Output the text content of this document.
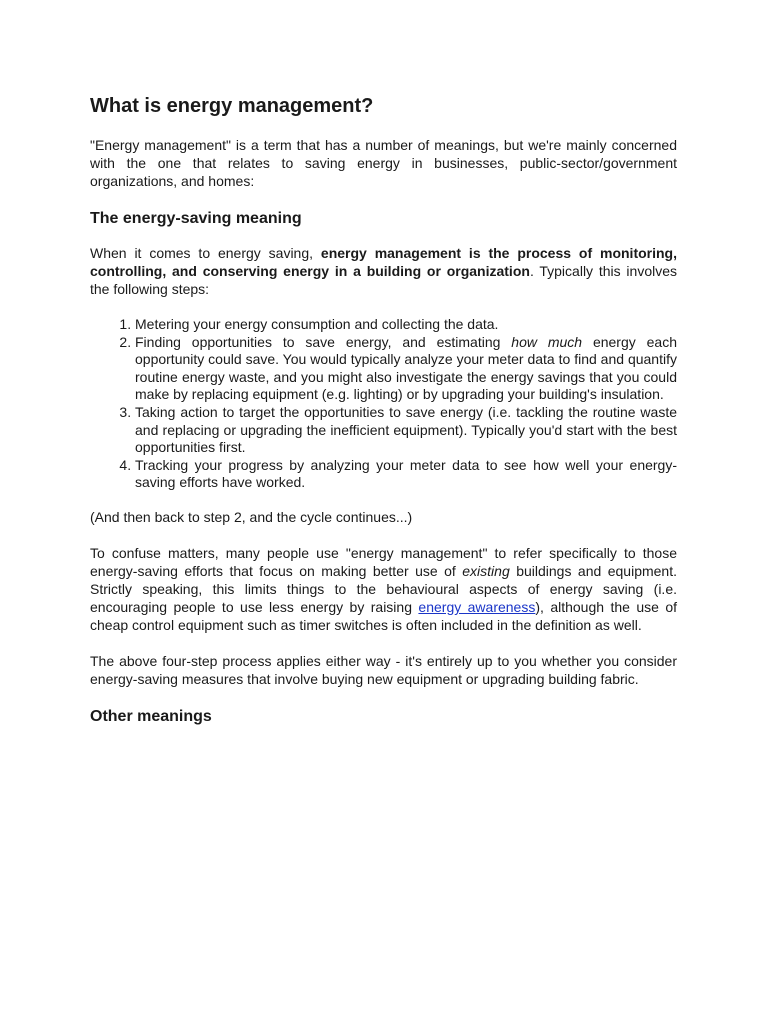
What is energy management?

"Energy management" is a term that has a number of meanings, but we're mainly concerned with the one that relates to saving energy in businesses, public-sector/government organizations, and homes:

The energy-saving meaning

When it comes to energy saving, energy management is the process of monitoring, controlling, and conserving energy in a building or organization. Typically this involves the following steps:

1. Metering your energy consumption and collecting the data.
2. Finding opportunities to save energy, and estimating how much energy each opportunity could save. You would typically analyze your meter data to find and quantify routine energy waste, and you might also investigate the energy savings that you could make by replacing equipment (e.g. lighting) or by upgrading your building's insulation.
3. Taking action to target the opportunities to save energy (i.e. tackling the routine waste and replacing or upgrading the inefficient equipment). Typically you'd start with the best opportunities first.
4. Tracking your progress by analyzing your meter data to see how well your energy-saving efforts have worked.

(And then back to step 2, and the cycle continues...)

To confuse matters, many people use "energy management" to refer specifically to those energy-saving efforts that focus on making better use of existing buildings and equipment. Strictly speaking, this limits things to the behavioural aspects of energy saving (i.e. encouraging people to use less energy by raising energy awareness), although the use of cheap control equipment such as timer switches is often included in the definition as well.

The above four-step process applies either way - it's entirely up to you whether you consider energy-saving measures that involve buying new equipment or upgrading building fabric.

Other meanings
